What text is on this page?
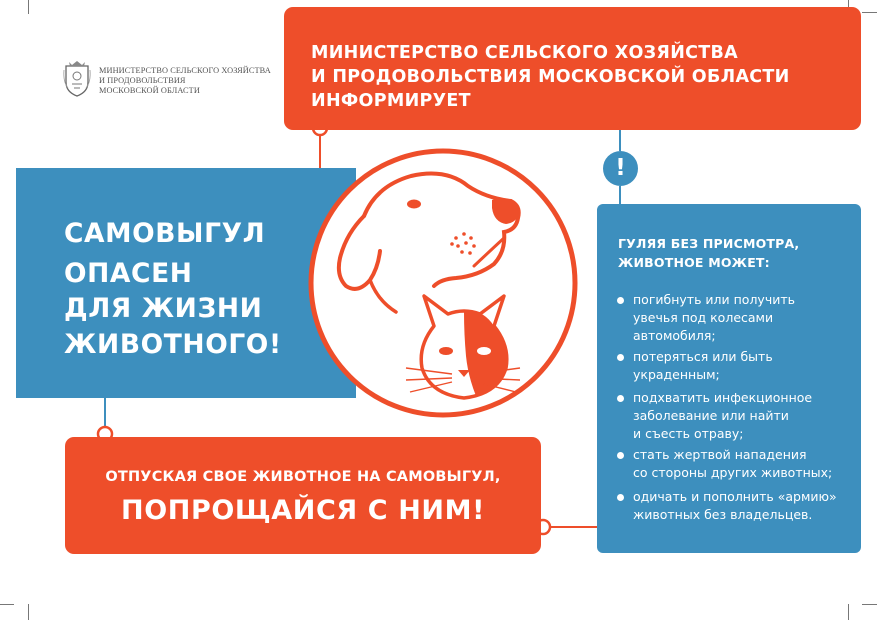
МИНИСТЕРСТВО СЕЛЬСКОГО ХОЗЯЙСТВА
И ПРОДОВОЛЬСТВИЯ
МОСКОВСКОЙ ОБЛАСТИ
МИНИСТЕРСТВО СЕЛЬСКОГО ХОЗЯЙСТВА
И ПРОДОВОЛЬСТВИЯ МОСКОВСКОЙ ОБЛАСТИ
ИНФОРМИРУЕТ
САМОВЫГУЛ
ОПАСЕН
ДЛЯ ЖИЗНИ
ЖИВОТНОГО!
!
ГУЛЯЯ БЕЗ ПРИСМОТРА,
ЖИВОТНОЕ МОЖЕТ:
погибнуть или получить
увечья под колесами
автомобиля;
потеряться или быть
украденным;
подхватить инфекционное
заболевание или найти
и съесть отраву;
стать жертвой нападения
со стороны других животных;
одичать и пополнить «армию»
животных без владельцев.
ОТПУСКАЯ СВОЕ ЖИВОТНОЕ НА САМОВЫГУЛ,
ПОПРОЩАЙСЯ С НИМ!
